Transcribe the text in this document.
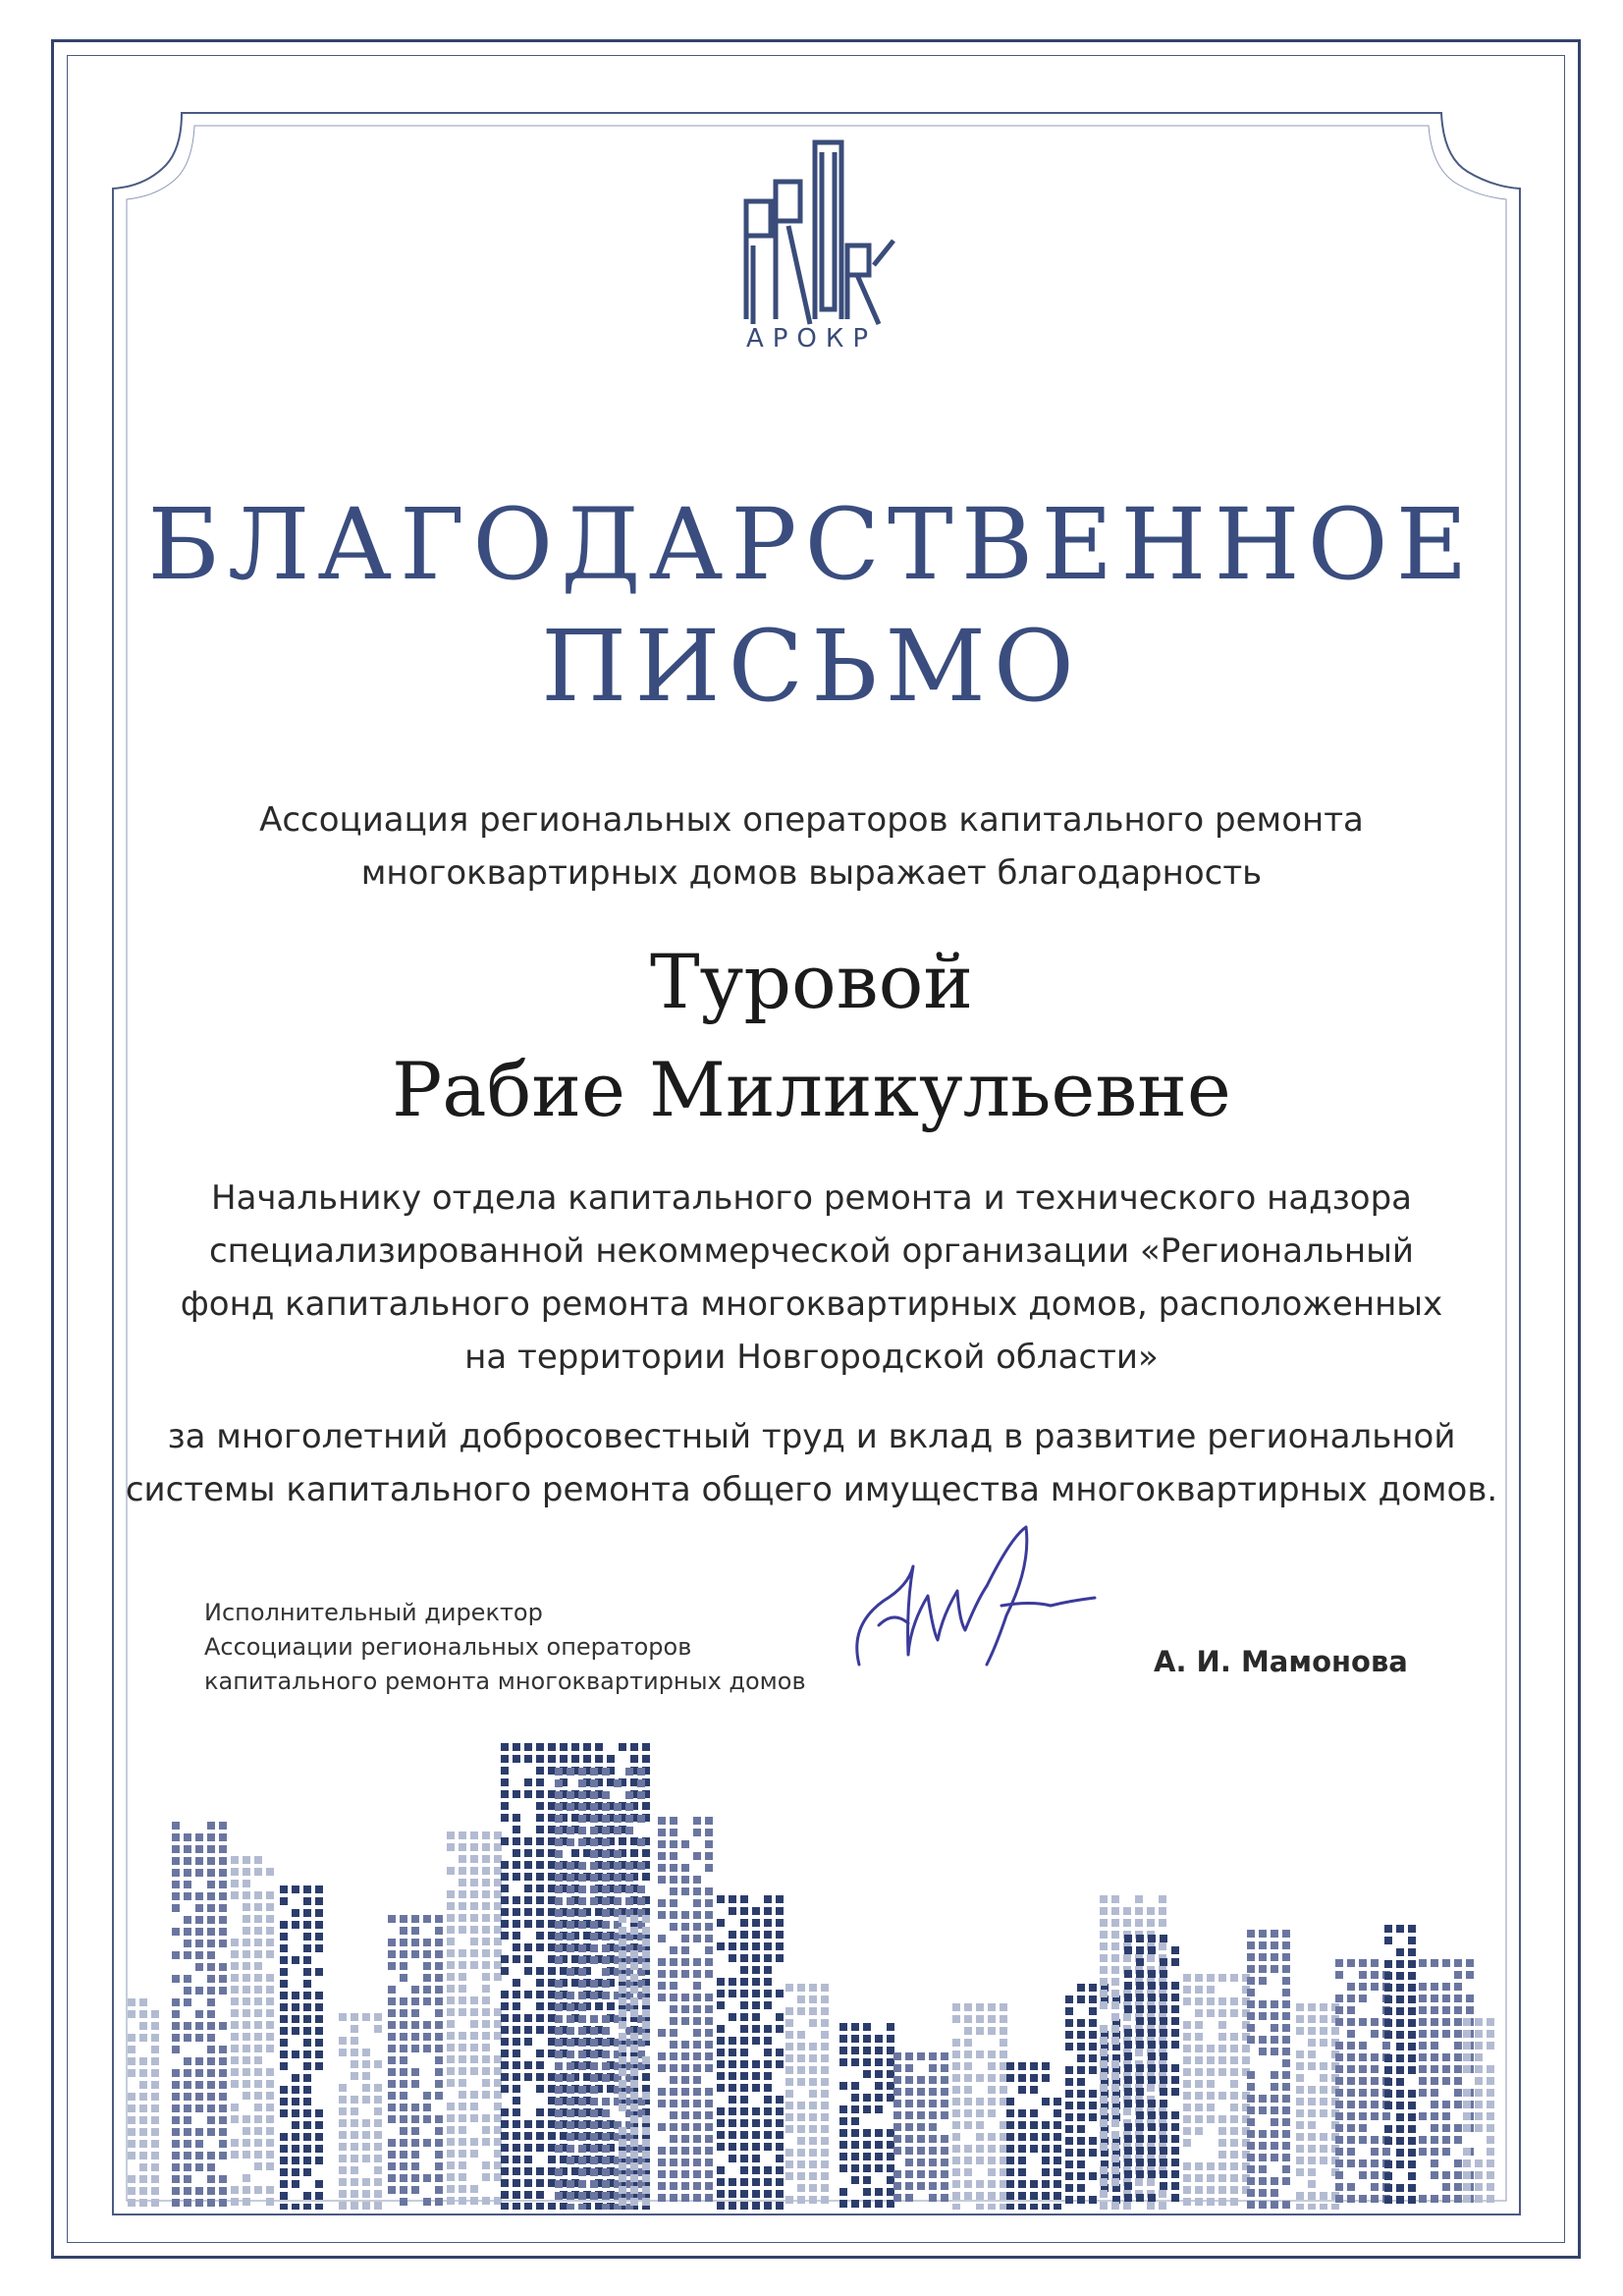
АРОКР
БЛАГОДАРСТВЕННОЕ
ПИСЬМО
Ассоциация региональных операторов капитального ремонта
многоквартирных домов выражает благодарность
Туровой
Рабие Миликульевне
Начальнику отдела капитального ремонта и технического надзора
специализированной некоммерческой организации «Региональный
фонд капитального ремонта многоквартирных домов, расположенных
на территории Новгородской области»
за многолетний добросовестный труд и вклад в развитие региональной
системы капитального ремонта общего имущества многоквартирных домов.
Исполнительный директор
Ассоциации региональных операторов
капитального ремонта многоквартирных домов
А. И. Мамонова
